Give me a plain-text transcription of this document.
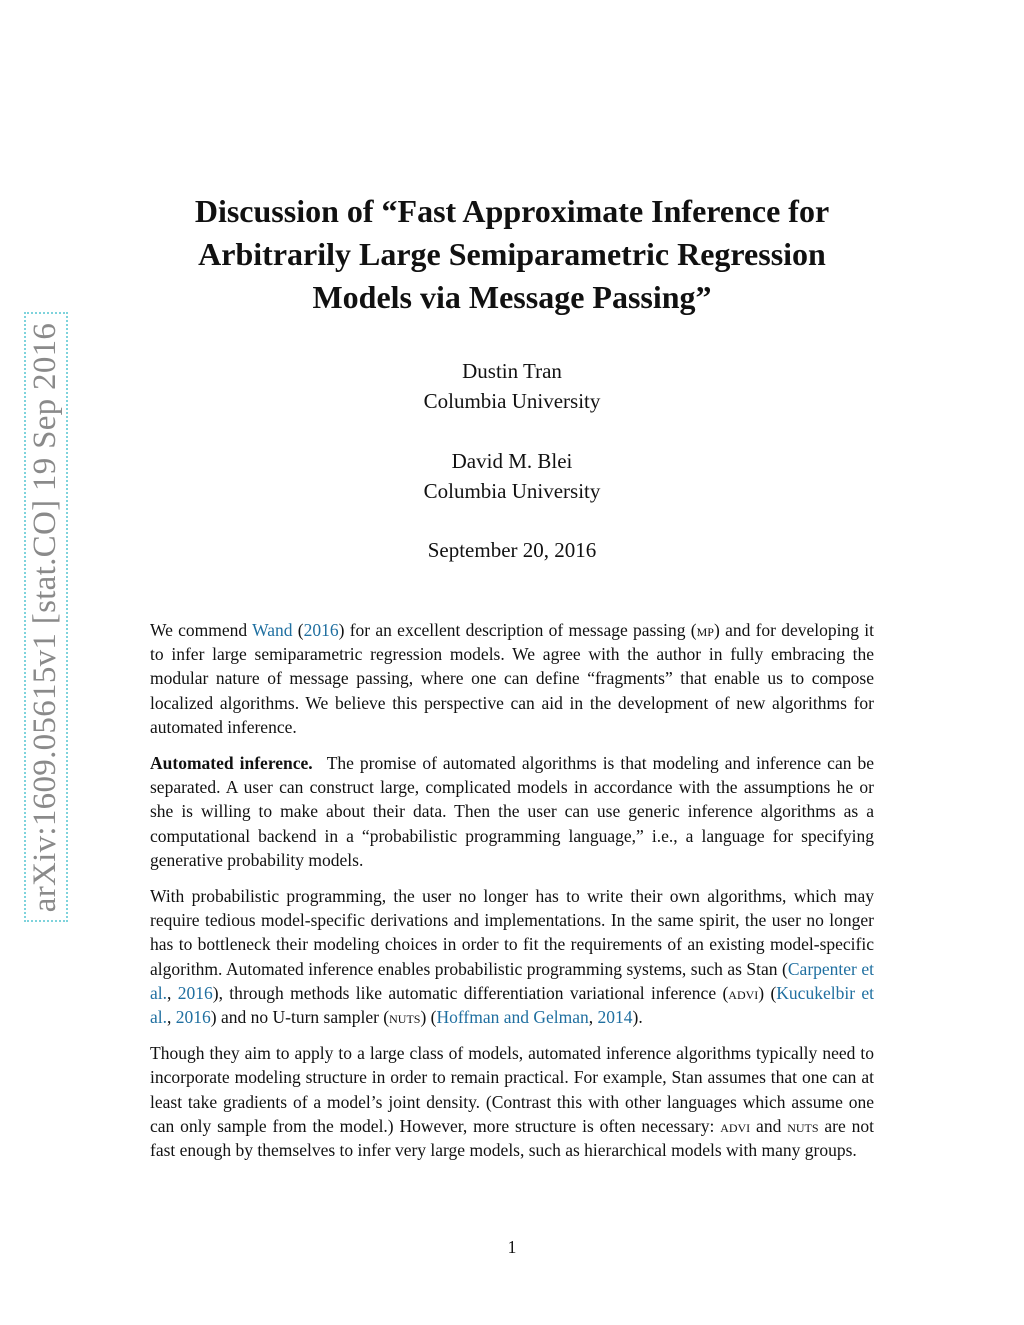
arXiv:1609.05615v1 [stat.CO] 19 Sep 2016
Discussion of “Fast Approximate Inference for
Arbitrarily Large Semiparametric Regression
Models via Message Passing”
Dustin Tran
Columbia University
David M. Blei
Columbia University
September 20, 2016

We commend Wand (2016) for an excellent description of message passing (mp) and for developing it to infer large semiparametric regression models. We agree with the author in fully embracing the modular nature of message passing, where one can define “fragments” that enable us to compose localized algorithms. We believe this perspective can aid in the development of new algorithms for automated inference.

Automated inference. The promise of automated algorithms is that modeling and inference can be separated. A user can construct large, complicated models in accordance with the assumptions he or she is willing to make about their data. Then the user can use generic inference algorithms as a computational backend in a “probabilistic programming language,” i.e., a language for specifying generative probability models.

With probabilistic programming, the user no longer has to write their own algorithms, which may require tedious model-specific derivations and implementations. In the same spirit, the user no longer has to bottleneck their modeling choices in order to fit the requirements of an existing model-specific algorithm. Automated inference enables probabilistic programming systems, such as Stan (Carpenter et al., 2016), through methods like automatic differentiation variational inference (advi) (Kucukelbir et al., 2016) and no U-turn sampler (nuts) (Hoffman and Gelman, 2014).

Though they aim to apply to a large class of models, automated inference algorithms typically need to incorporate modeling structure in order to remain practical. For example, Stan assumes that one can at least take gradients of a model’s joint density. (Contrast this with other languages which assume one can only sample from the model.) However, more structure is often necessary: advi and nuts are not fast enough by themselves to infer very large models, such as hierarchical models with many groups.

1
